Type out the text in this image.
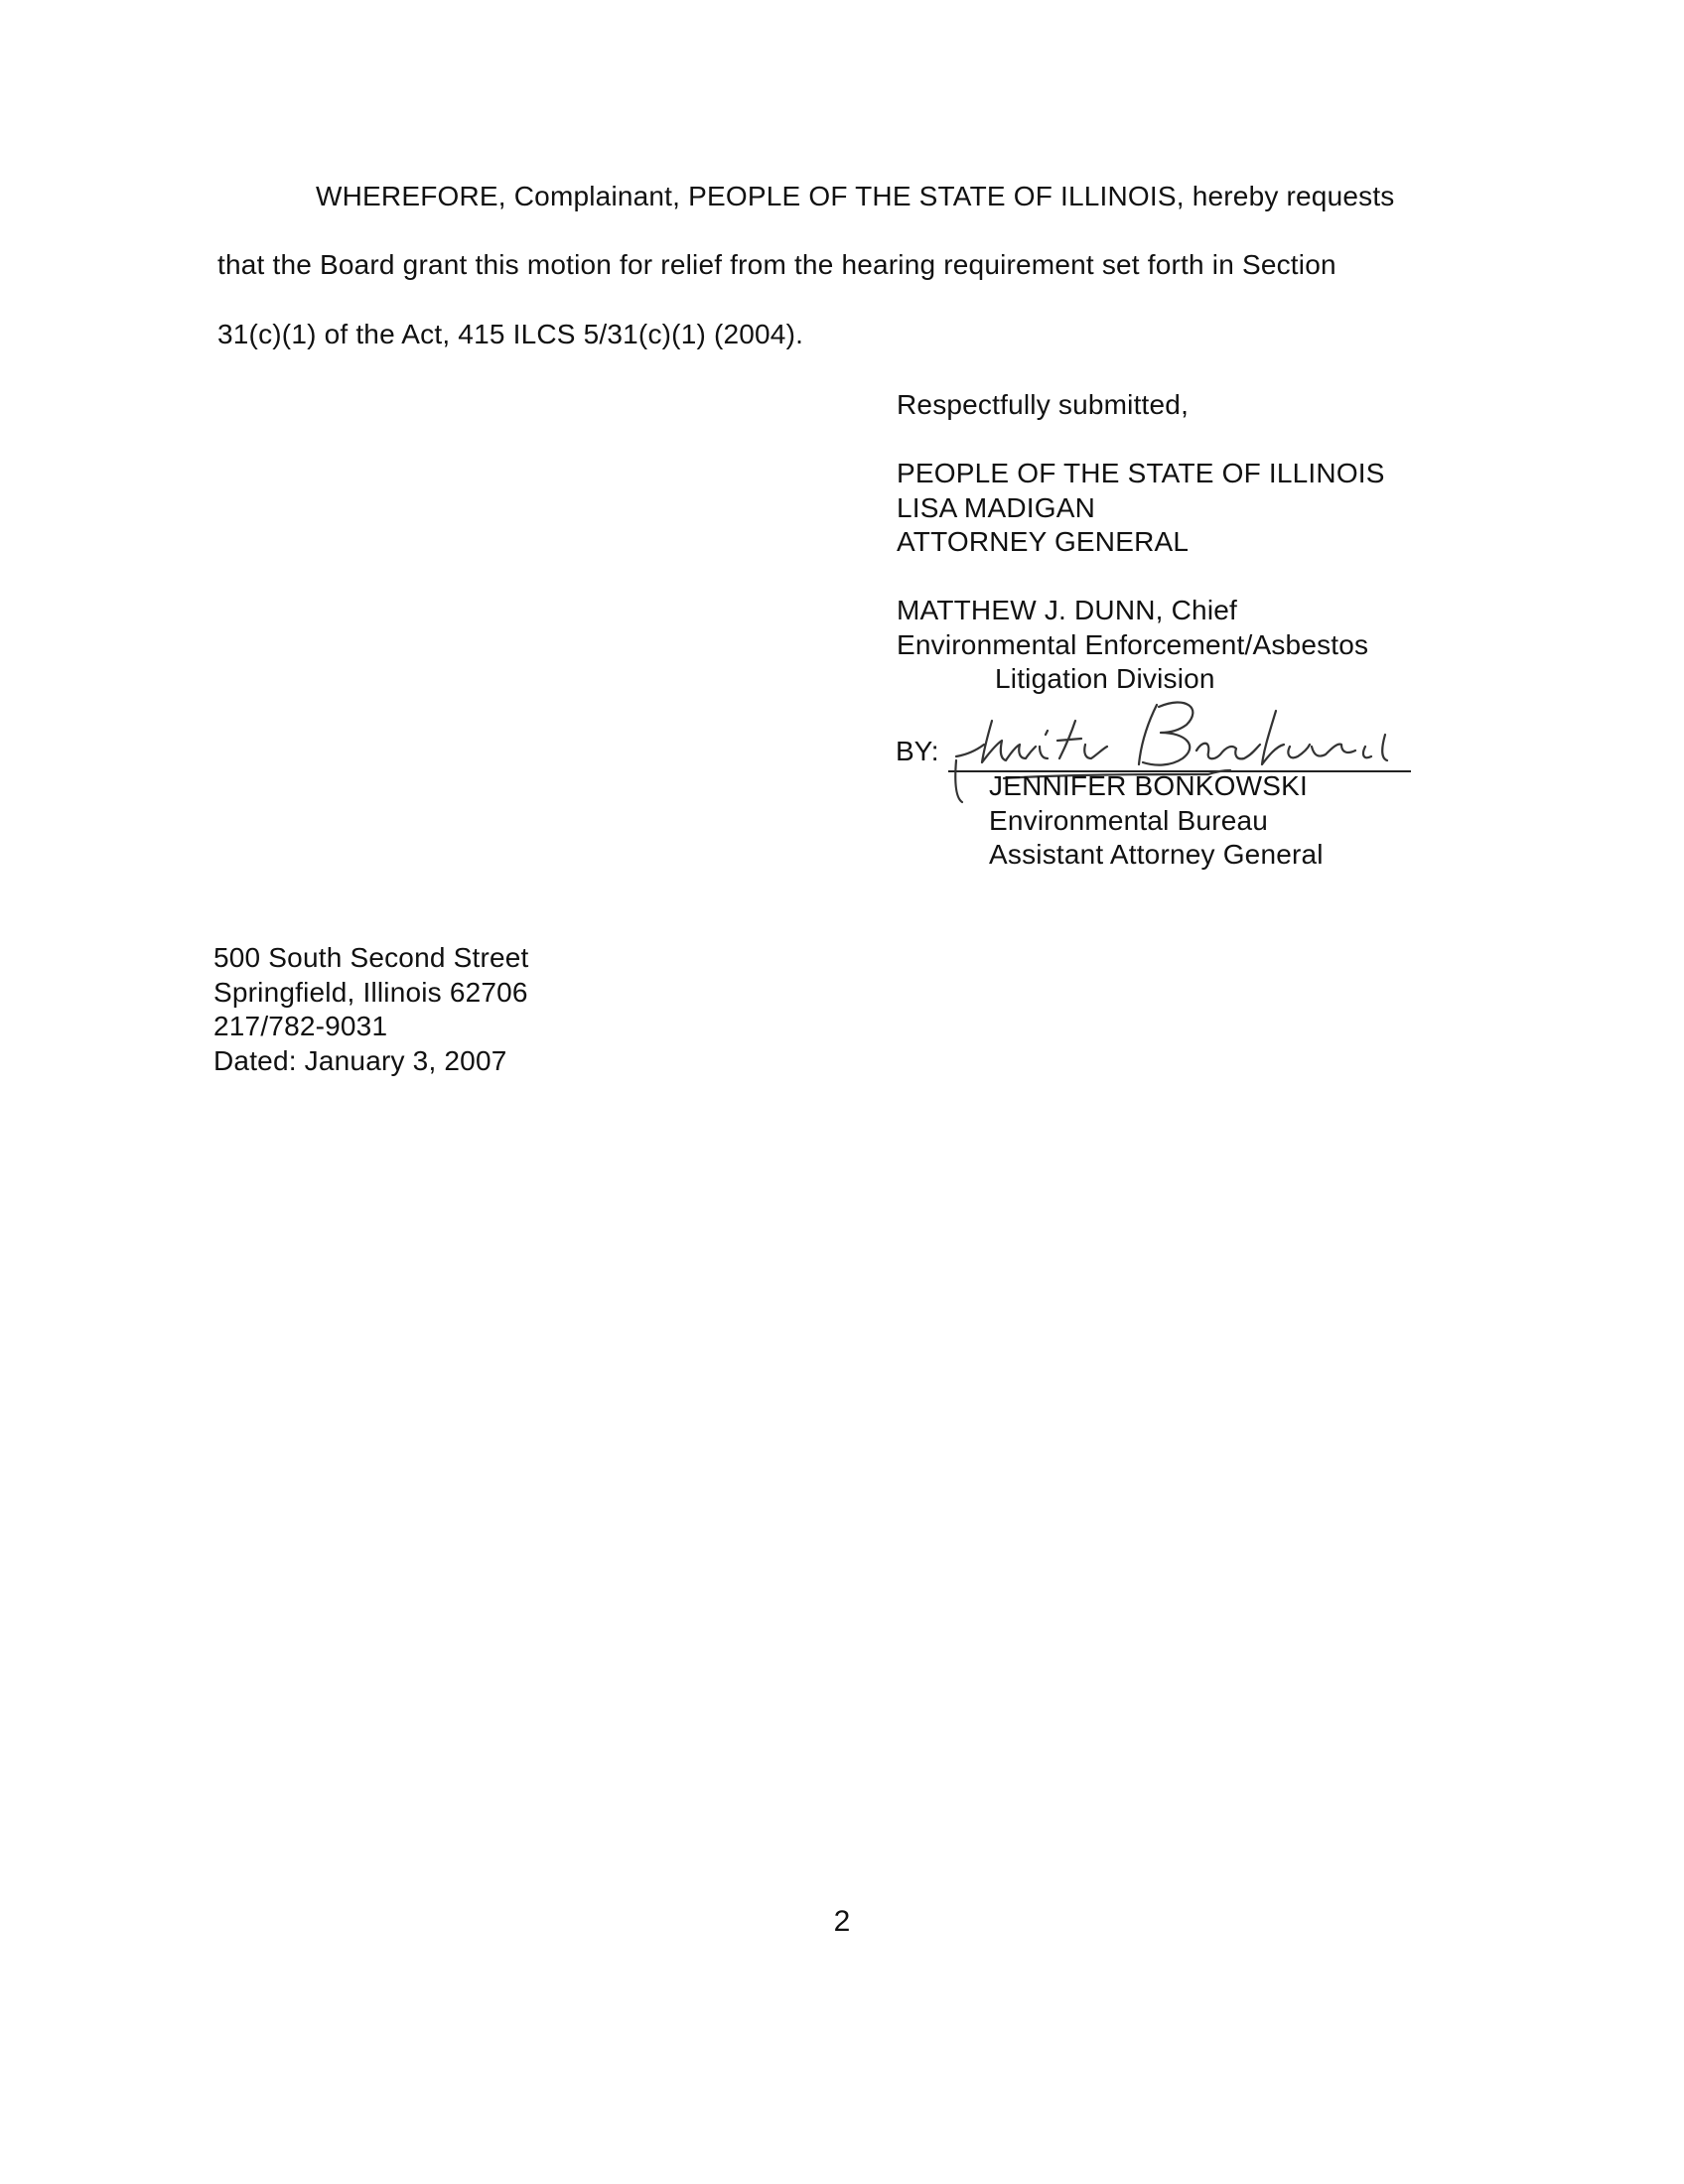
WHEREFORE, Complainant, PEOPLE OF THE STATE OF ILLINOIS, hereby requests
that the Board grant this motion for relief from the hearing requirement set forth in Section
31(c)(1) of the Act, 415 ILCS 5/31(c)(1) (2004).
Respectfully submitted,
PEOPLE OF THE STATE OF ILLINOIS
LISA MADIGAN
ATTORNEY GENERAL
MATTHEW J. DUNN, Chief
Environmental Enforcement/Asbestos
Litigation Division
BY:
JENNIFER BONKOWSKI
Environmental Bureau
Assistant Attorney General
500 South Second Street
Springfield, Illinois 62706
217/782-9031
Dated: January 3, 2007
2
